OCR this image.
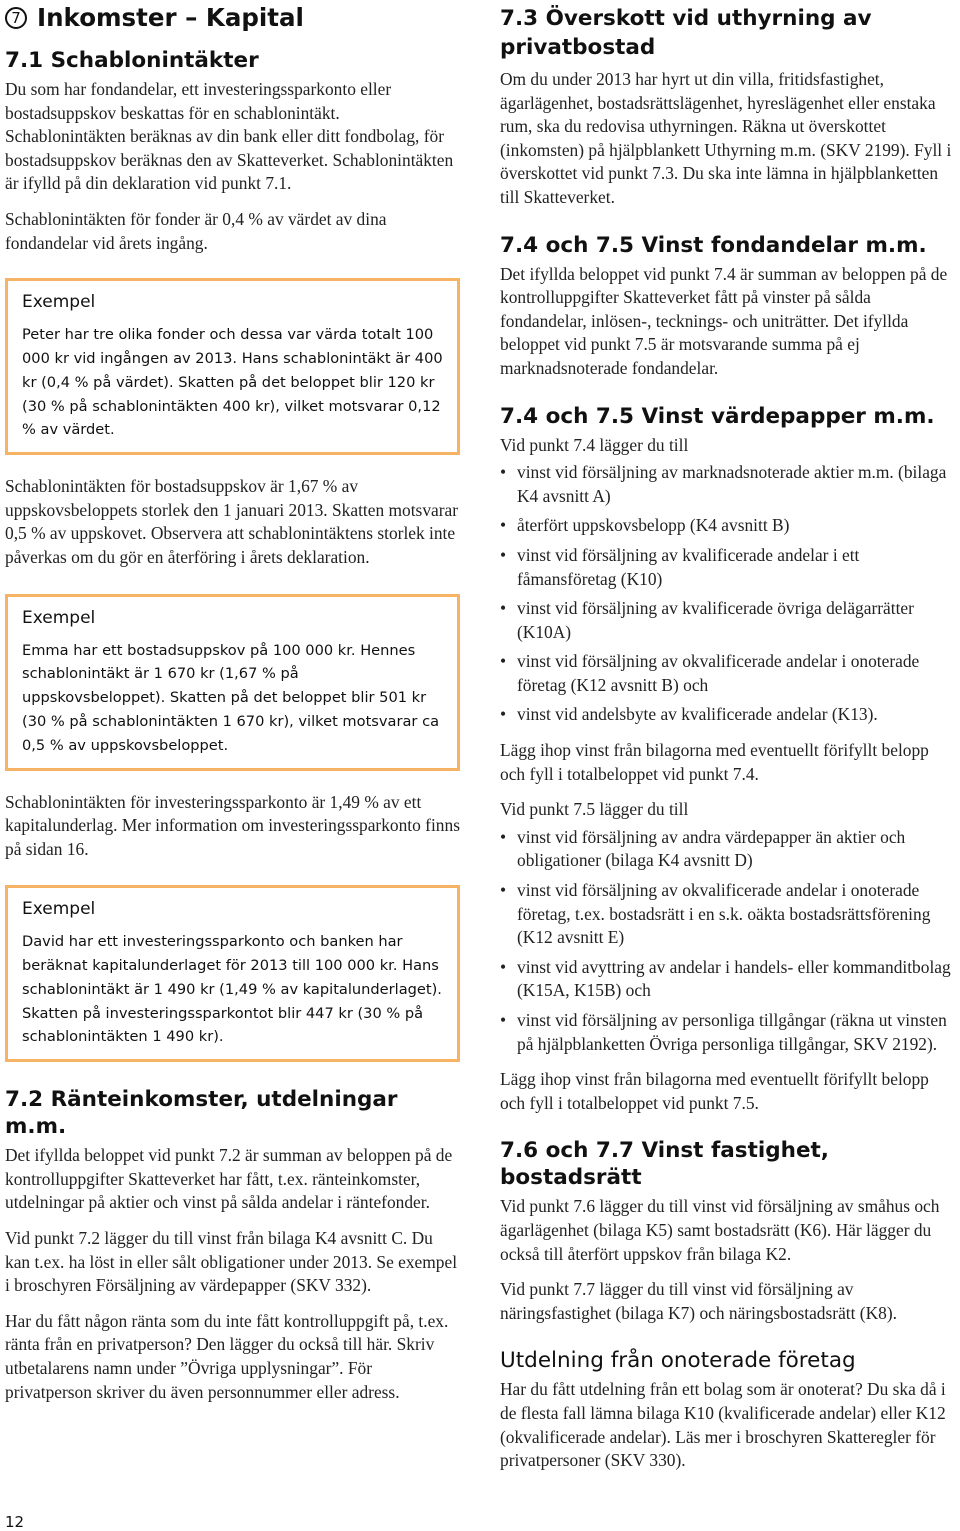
7 Inkomster – Kapital
7.1 Schablonintäkter

Du som har fondandelar, ett investeringssparkonto eller bostadsuppskov beskattas för en schablonintäkt. Schablonintäkten beräknas av din bank eller ditt fondbolag, för bostadsuppskov beräknas den av Skatteverket. Schablonintäkten är ifylld på din deklaration vid punkt 7.1.

Schablonintäkten för fonder är 0,4 % av värdet av dina fondandelar vid årets ingång.

Exempel
Peter har tre olika fonder och dessa var värda totalt 100 000 kr vid ingången av 2013. Hans schablonintäkt är 400 kr (0,4 % på värdet). Skatten på det beloppet blir 120 kr (30 % på schablonintäkten 400 kr), vilket motsvarar 0,12 % av värdet.

Schablonintäkten för bostadsuppskov är 1,67 % av uppskovsbeloppets storlek den 1 januari 2013. Skatten motsvarar 0,5 % av uppskovet. Observera att schablonintäktens storlek inte påverkas om du gör en återföring i årets deklaration.

Exempel
Emma har ett bostadsuppskov på 100 000 kr. Hennes schablonintäkt är 1 670 kr (1,67 % på uppskovsbeloppet). Skatten på det beloppet blir 501 kr (30 % på schablonintäkten 1 670 kr), vilket motsvarar ca 0,5 % av uppskovsbeloppet.

Schablonintäkten för investeringssparkonto är 1,49 % av ett kapitalunderlag. Mer information om investeringssparkonto finns på sidan 16.

Exempel
David har ett investeringssparkonto och banken har beräknat kapitalunderlaget för 2013 till 100 000 kr. Hans schablonintäkt är 1 490 kr (1,49 % av kapitalunderlaget). Skatten på investeringssparkontot blir 447 kr (30 % på schablonintäkten 1 490 kr).
7.2 Ränteinkomster, utdelningar m.m.

Det ifyllda beloppet vid punkt 7.2 är summan av beloppen på de kontrolluppgifter Skatteverket har fått, t.ex. ränteinkomster, utdelningar på aktier och vinst på sålda andelar i räntefonder.

Vid punkt 7.2 lägger du till vinst från bilaga K4 avsnitt C. Du kan t.ex. ha löst in eller sålt obligationer under 2013. Se exempel i broschyren Försäljning av värdepapper (SKV 332).

Har du fått någon ränta som du inte fått kontrolluppgift på, t.ex. ränta från en privatperson? Den lägger du också till här. Skriv utbetalarens namn under ”Övriga upplysningar”. För privatperson skriver du även personnummer eller adress.

7.3 Överskott vid uthyrning av privatbostad

Om du under 2013 har hyrt ut din villa, fritidsfastighet, ägarlägenhet, bostadsrättslägenhet, hyreslägenhet eller enstaka rum, ska du redovisa uthyrningen. Räkna ut överskottet (inkomsten) på hjälpblankett Uthyrning m.m. (SKV 2199). Fyll i överskottet vid punkt 7.3. Du ska inte lämna in hjälpblanketten till Skatteverket.

7.4 och 7.5 Vinst fondandelar m.m.

Det ifyllda beloppet vid punkt 7.4 är summan av beloppen på de kontrolluppgifter Skatteverket fått på vinster på sålda fondandelar, inlösen-, tecknings- och uniträtter. Det ifyllda beloppet vid punkt 7.5 är motsvarande summa på ej marknadsnoterade fondandelar.

7.4 och 7.5 Vinst värdepapper m.m.

Vid punkt 7.4 lägger du till

• vinst vid försäljning av marknadsnoterade aktier m.m. (bilaga K4 avsnitt A)
• återfört uppskovsbelopp (K4 avsnitt B)
• vinst vid försäljning av kvalificerade andelar i ett fåmansföretag (K10)
• vinst vid försäljning av kvalificerade övriga delägarrätter (K10A)
• vinst vid försäljning av okvalificerade andelar i onoterade företag (K12 avsnitt B) och
• vinst vid andelsbyte av kvalificerade andelar (K13).

Lägg ihop vinst från bilagorna med eventuellt förifyllt belopp och fyll i totalbeloppet vid punkt 7.4.

Vid punkt 7.5 lägger du till

• vinst vid försäljning av andra värdepapper än aktier och obligationer (bilaga K4 avsnitt D)
• vinst vid försäljning av okvalificerade andelar i onoterade företag, t.ex. bostadsrätt i en s.k. oäkta bostadsrättsförening (K12 avsnitt E)
• vinst vid avyttring av andelar i handels- eller kommanditbolag (K15A, K15B) och
• vinst vid försäljning av personliga tillgångar (räkna ut vinsten på hjälpblanketten Övriga personliga tillgångar, SKV 2192).

Lägg ihop vinst från bilagorna med eventuellt förifyllt belopp och fyll i totalbeloppet vid punkt 7.5.

7.6 och 7.7 Vinst fastighet, bostadsrätt

Vid punkt 7.6 lägger du till vinst vid försäljning av småhus och ägarlägenhet (bilaga K5) samt bostadsrätt (K6). Här lägger du också till återfört uppskov från bilaga K2.

Vid punkt 7.7 lägger du till vinst vid försäljning av näringsfastighet (bilaga K7) och näringsbostadsrätt (K8).

Utdelning från onoterade företag

Har du fått utdelning från ett bolag som är onoterat? Du ska då i de flesta fall lämna bilaga K10 (kvalificerade andelar) eller K12 (okvalificerade andelar). Läs mer i broschyren Skatteregler för privatpersoner (SKV 330).

12
